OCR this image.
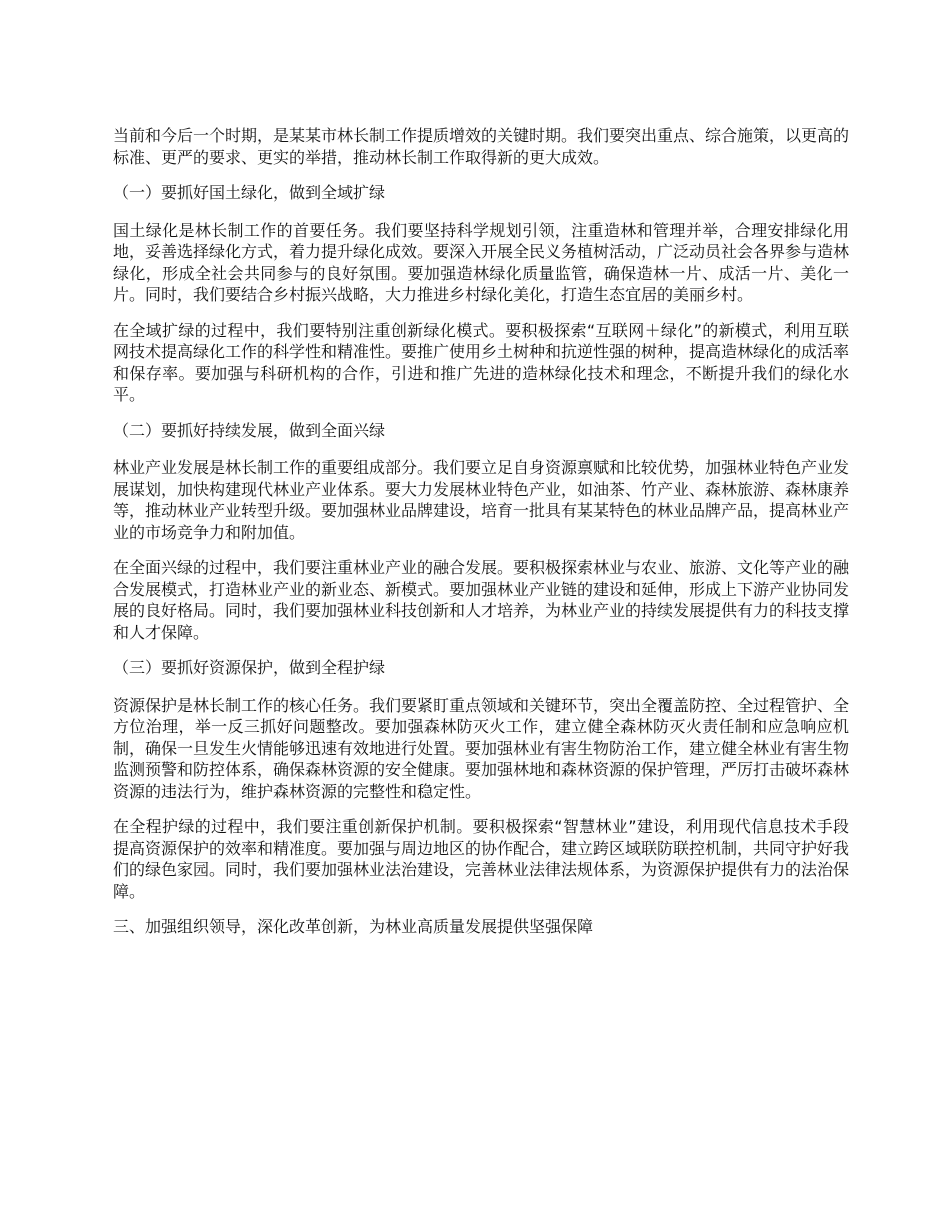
当前和今后一个时期，是某某市林长制工作提质增效的关键时期。我们要突出重点、综合施策，以更高的标准、更严的要求、更实的举措，推动林长制工作取得新的更大成效。

（一）要抓好国土绿化，做到全域扩绿

国土绿化是林长制工作的首要任务。我们要坚持科学规划引领，注重造林和管理并举，合理安排绿化用地，妥善选择绿化方式，着力提升绿化成效。要深入开展全民义务植树活动，广泛动员社会各界参与造林绿化，形成全社会共同参与的良好氛围。要加强造林绿化质量监管，确保造林一片、成活一片、美化一片。同时，我们要结合乡村振兴战略，大力推进乡村绿化美化，打造生态宜居的美丽乡村。

在全域扩绿的过程中，我们要特别注重创新绿化模式。要积极探索“互联网＋绿化”的新模式，利用互联网技术提高绿化工作的科学性和精准性。要推广使用乡土树种和抗逆性强的树种，提高造林绿化的成活率和保存率。要加强与科研机构的合作，引进和推广先进的造林绿化技术和理念，不断提升我们的绿化水平。

（二）要抓好持续发展，做到全面兴绿

林业产业发展是林长制工作的重要组成部分。我们要立足自身资源禀赋和比较优势，加强林业特色产业发展谋划，加快构建现代林业产业体系。要大力发展林业特色产业，如油茶、竹产业、森林旅游、森林康养等，推动林业产业转型升级。要加强林业品牌建设，培育一批具有某某特色的林业品牌产品，提高林业产业的市场竞争力和附加值。

在全面兴绿的过程中，我们要注重林业产业的融合发展。要积极探索林业与农业、旅游、文化等产业的融合发展模式，打造林业产业的新业态、新模式。要加强林业产业链的建设和延伸，形成上下游产业协同发展的良好格局。同时，我们要加强林业科技创新和人才培养，为林业产业的持续发展提供有力的科技支撑和人才保障。

（三）要抓好资源保护，做到全程护绿

资源保护是林长制工作的核心任务。我们要紧盯重点领域和关键环节，突出全覆盖防控、全过程管护、全方位治理，举一反三抓好问题整改。要加强森林防灭火工作，建立健全森林防灭火责任制和应急响应机制，确保一旦发生火情能够迅速有效地进行处置。要加强林业有害生物防治工作，建立健全林业有害生物监测预警和防控体系，确保森林资源的安全健康。要加强林地和森林资源的保护管理，严厉打击破坏森林资源的违法行为，维护森林资源的完整性和稳定性。

在全程护绿的过程中，我们要注重创新保护机制。要积极探索“智慧林业”建设，利用现代信息技术手段提高资源保护的效率和精准度。要加强与周边地区的协作配合，建立跨区域联防联控机制，共同守护好我们的绿色家园。同时，我们要加强林业法治建设，完善林业法律法规体系，为资源保护提供有力的法治保障。

三、加强组织领导，深化改革创新，为林业高质量发展提供坚强保障
